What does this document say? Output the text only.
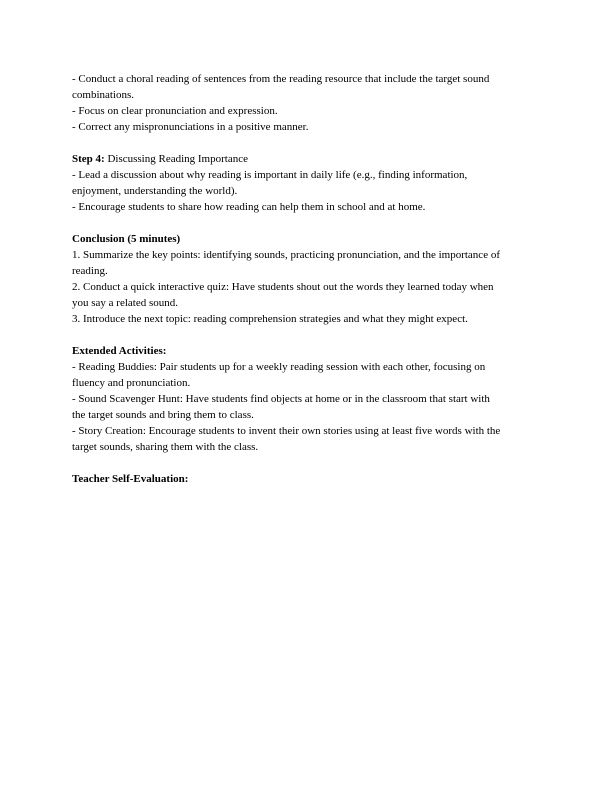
- Conduct a choral reading of sentences from the reading resource that include the target sound
combinations.
- Focus on clear pronunciation and expression.
- Correct any mispronunciations in a positive manner.
Step 4: Discussing Reading Importance
- Lead a discussion about why reading is important in daily life (e.g., finding information,
enjoyment, understanding the world).
- Encourage students to share how reading can help them in school and at home.
Conclusion (5 minutes)
1. Summarize the key points: identifying sounds, practicing pronunciation, and the importance of
reading.
2. Conduct a quick interactive quiz: Have students shout out the words they learned today when
you say a related sound.
3. Introduce the next topic: reading comprehension strategies and what they might expect.
Extended Activities:
- Reading Buddies: Pair students up for a weekly reading session with each other, focusing on
fluency and pronunciation.
- Sound Scavenger Hunt: Have students find objects at home or in the classroom that start with
the target sounds and bring them to class.
- Story Creation: Encourage students to invent their own stories using at least five words with the
target sounds, sharing them with the class.
Teacher Self-Evaluation:
